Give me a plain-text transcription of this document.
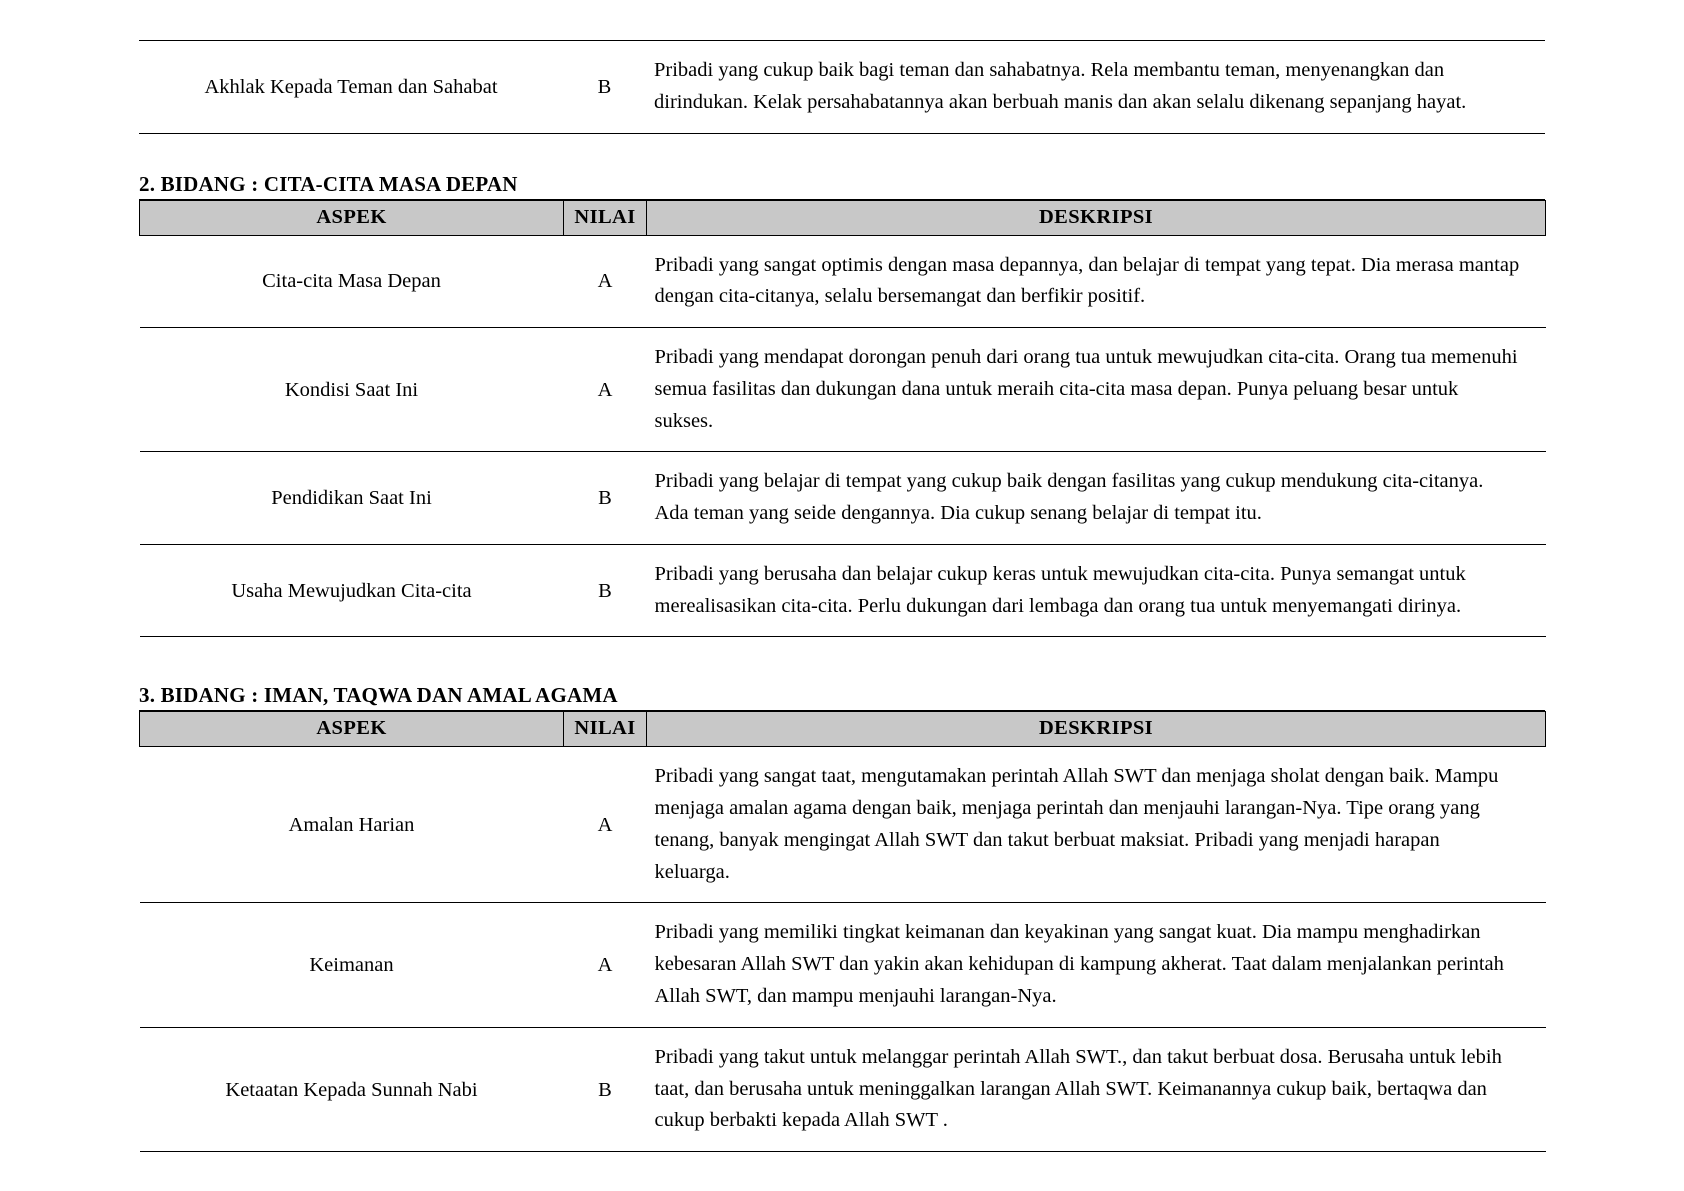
Akhlak Kepada Teman dan Sahabat	B	Pribadi yang cukup baik bagi teman dan sahabatnya. Rela membantu teman, menyenangkan dan dirindukan. Kelak persahabatannya akan berbuah manis dan akan selalu dikenang sepanjang hayat.
2. BIDANG : CITA-CITA MASA DEPAN
ASPEK	NILAI	DESKRIPSI
Cita-cita Masa Depan	A	Pribadi yang sangat optimis dengan masa depannya, dan belajar di tempat yang tepat. Dia merasa mantap dengan cita-citanya, selalu bersemangat dan berfikir positif.
Kondisi Saat Ini	A	Pribadi yang mendapat dorongan penuh dari orang tua untuk mewujudkan cita-cita. Orang tua memenuhi semua fasilitas dan dukungan dana untuk meraih cita-cita masa depan. Punya peluang besar untuk sukses.
Pendidikan Saat Ini	B	Pribadi yang belajar di tempat yang cukup baik dengan fasilitas yang cukup mendukung cita-citanya. Ada teman yang seide dengannya. Dia cukup senang belajar di tempat itu.
Usaha Mewujudkan Cita-cita	B	Pribadi yang berusaha dan belajar cukup keras untuk mewujudkan cita-cita. Punya semangat untuk merealisasikan cita-cita. Perlu dukungan dari lembaga dan orang tua untuk menyemangati dirinya.
3. BIDANG : IMAN, TAQWA DAN AMAL AGAMA
ASPEK	NILAI	DESKRIPSI
Amalan Harian	A	Pribadi yang sangat taat, mengutamakan perintah Allah SWT dan menjaga sholat dengan baik. Mampu menjaga amalan agama dengan baik, menjaga perintah dan menjauhi larangan-Nya. Tipe orang yang tenang, banyak mengingat Allah SWT dan takut berbuat maksiat. Pribadi yang menjadi harapan keluarga.
Keimanan	A	Pribadi yang memiliki tingkat keimanan dan keyakinan yang sangat kuat. Dia mampu menghadirkan kebesaran Allah SWT dan yakin akan kehidupan di kampung akherat. Taat dalam menjalankan perintah Allah SWT, dan mampu menjauhi larangan-Nya.
Ketaatan Kepada Sunnah Nabi	B	Pribadi yang takut untuk melanggar perintah Allah SWT., dan takut berbuat dosa. Berusaha untuk lebih taat, dan berusaha untuk meninggalkan larangan Allah SWT. Keimanannya cukup baik, bertaqwa dan cukup berbakti kepada Allah SWT .
